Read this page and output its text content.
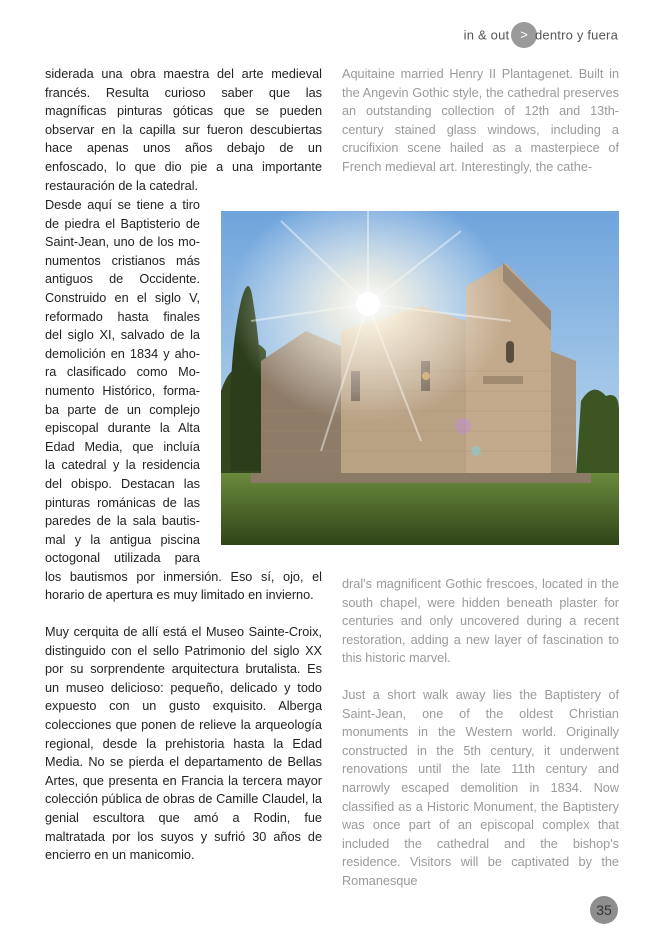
in & out > dentro y fuera

siderada una obra maestra del arte medieval francés. Resulta curioso saber que las magníficas pinturas góticas que se pueden observar en la capilla sur fueron descubiertas hace apenas unos años debajo de un enfoscado, lo que dio pie a una importante restauración de la catedral.

Desde aquí se tiene a tiro
de piedra el Baptisterio de
Saint-Jean, uno de los mo-
numentos cristianos más
antiguos de Occidente.
Construido en el siglo V,
reformado hasta finales
del siglo XI, salvado de la
demolición en 1834 y aho-
ra clasificado como Mo-
numento Histórico, forma-
ba parte de un complejo
episcopal durante la Alta
Edad Media, que incluía
la catedral y la residencia
del obispo. Destacan las
pinturas románicas de las
paredes de la sala bautis-
mal y la antigua piscina
octogonal utilizada para

los bautismos por inmersión. Eso sí, ojo, el horario de apertura es muy limitado en invierno.

Muy cerquita de allí está el Museo Sainte-Croix, distinguido con el sello Patrimonio del siglo XX por su sorprendente arquitectura brutalista. Es un museo delicioso: pequeño, delicado y todo expuesto con un gusto exquisito. Alberga colecciones que ponen de relieve la arqueología regional, desde la prehistoria hasta la Edad Media. No se pierda el departamento de Bellas Artes, que presenta en Francia la tercera mayor colección pública de obras de Camille Claudel, la genial escultora que amó a Rodin, fue maltratada por los suyos y sufrió 30 años de encierro en un manicomio.

Aquitaine married Henry II Plantagenet. Built in the Angevin Gothic style, the cathedral preserves an outstanding collection of 12th and 13th-century stained glass windows, including a crucifixion scene hailed as a masterpiece of French medieval art. Interestingly, the cathe-

dral's magnificent Gothic frescoes, located in the south chapel, were hidden beneath plaster for centuries and only uncovered during a recent restoration, adding a new layer of fascination to this historic marvel.

Just a short walk away lies the Baptistery of Saint-Jean, one of the oldest Christian monuments in the Western world. Originally constructed in the 5th century, it underwent renovations until the late 11th century and narrowly escaped demolition in 1834. Now classified as a Historic Monument, the Baptistery was once part of an episcopal complex that included the cathedral and the bishop's residence. Visitors will be captivated by the Romanesque

35
